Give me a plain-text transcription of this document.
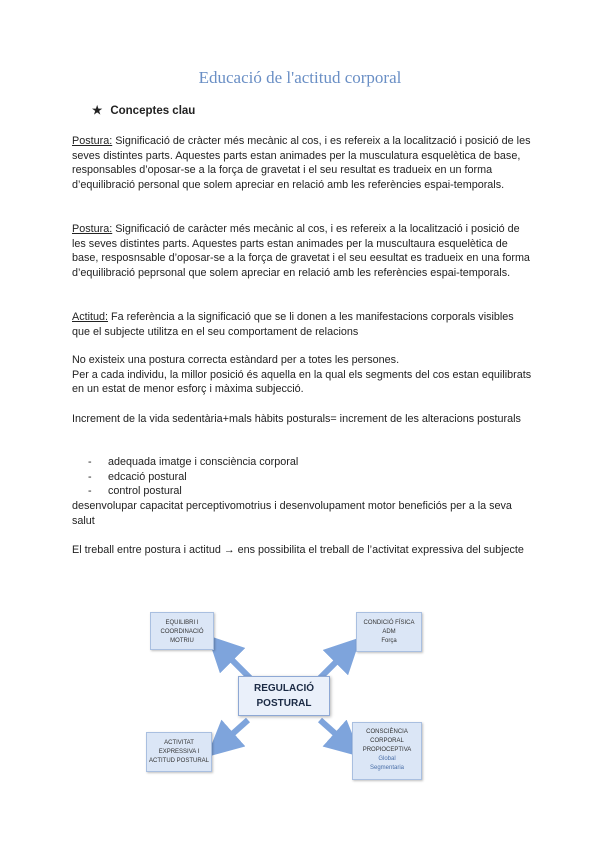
Educació de l'actitud corporal
★ Conceptes clau

Postura: Significació de cràcter més mecànic al cos, i es refereix a la localització i posició de les seves distintes parts. Aquestes parts estan animades per la musculatura esquelètica de base, responsables d’oposar-se a la força de gravetat i el seu resultat es tradueix en un forma d’equilibració personal que solem apreciar en relació amb les referències espai-temporals.

Postura: Significació de caràcter més mecànic al cos, i es refereix a la localització i posició de les seves distintes parts. Aquestes parts estan animades per la muscultaura esquelètica de base, resposnsable d’oposar-se a la força de gravetat i el seu eesultat es tradueix en una forma d’equilibració peprsonal que solem apreciar en relació amb les referències espai-temporals.

Actitud: Fa referència a la significació que se li donen a les manifestacions corporals visibles que el subjecte utilitza en el seu comportament de relacions

No existeix una postura correcta estàndard per a totes les persones.
Per a cada individu, la millor posició és aquella en la qual els segments del cos estan equilibrats en un estat de menor esforç i màxima subjecció.

Increment de la vida sedentària+mals hàbits posturals= increment de les alteracions posturals

- adequada imatge i consciència corporal
- edcació postural
- control postural

desenvolupar capacitat perceptivomotrius i desenvolupament motor beneficiós per a la seva salut

El treball entre postura i actitud → ens possibilita el treball de l’activitat expressiva del subjecte

EQUILIBRI I
COORDINACIÓ
MOTRIU
CONDICIÓ FÍSICA
ADM
Força
REGULACIÓ
POSTURAL
ACTIVITAT
EXPRESSIVA I
ACTITUD POSTURAL
CONSCIÈNCIA
CORPORAL
PROPIOCEPTIVA
Global
Segmentaria
